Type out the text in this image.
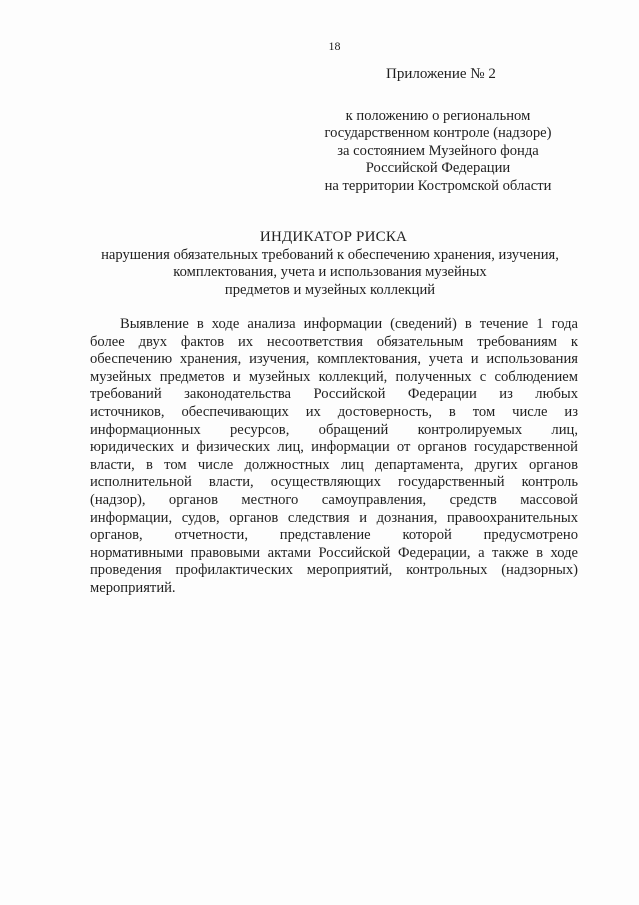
18
Приложение № 2
к положению о региональном
государственном контроле (надзоре)
за состоянием Музейного фонда
Российской Федерации
на территории Костромской области
ИНДИКАТОР РИСКА
нарушения обязательных требований к обеспечению хранения, изучения,
комплектования, учета и использования музейных
предметов и музейных коллекций
Выявление в ходе анализа информации (сведений) в течение 1 года
более двух фактов их несоответствия обязательным требованиям к
обеспечению хранения, изучения, комплектования, учета и использования
музейных предметов и музейных коллекций, полученных с соблюдением
требований законодательства Российской Федерации из любых
источников, обеспечивающих их достоверность, в том числе из
информационных ресурсов, обращений контролируемых лиц,
юридических и физических лиц, информации от органов государственной
власти, в том числе должностных лиц департамента, других органов
исполнительной власти, осуществляющих государственный контроль
(надзор), органов местного самоуправления, средств массовой
информации, судов, органов следствия и дознания, правоохранительных
органов, отчетности, представление которой предусмотрено
нормативными правовыми актами Российской Федерации, а также в ходе
проведения профилактических мероприятий, контрольных (надзорных)
мероприятий.
